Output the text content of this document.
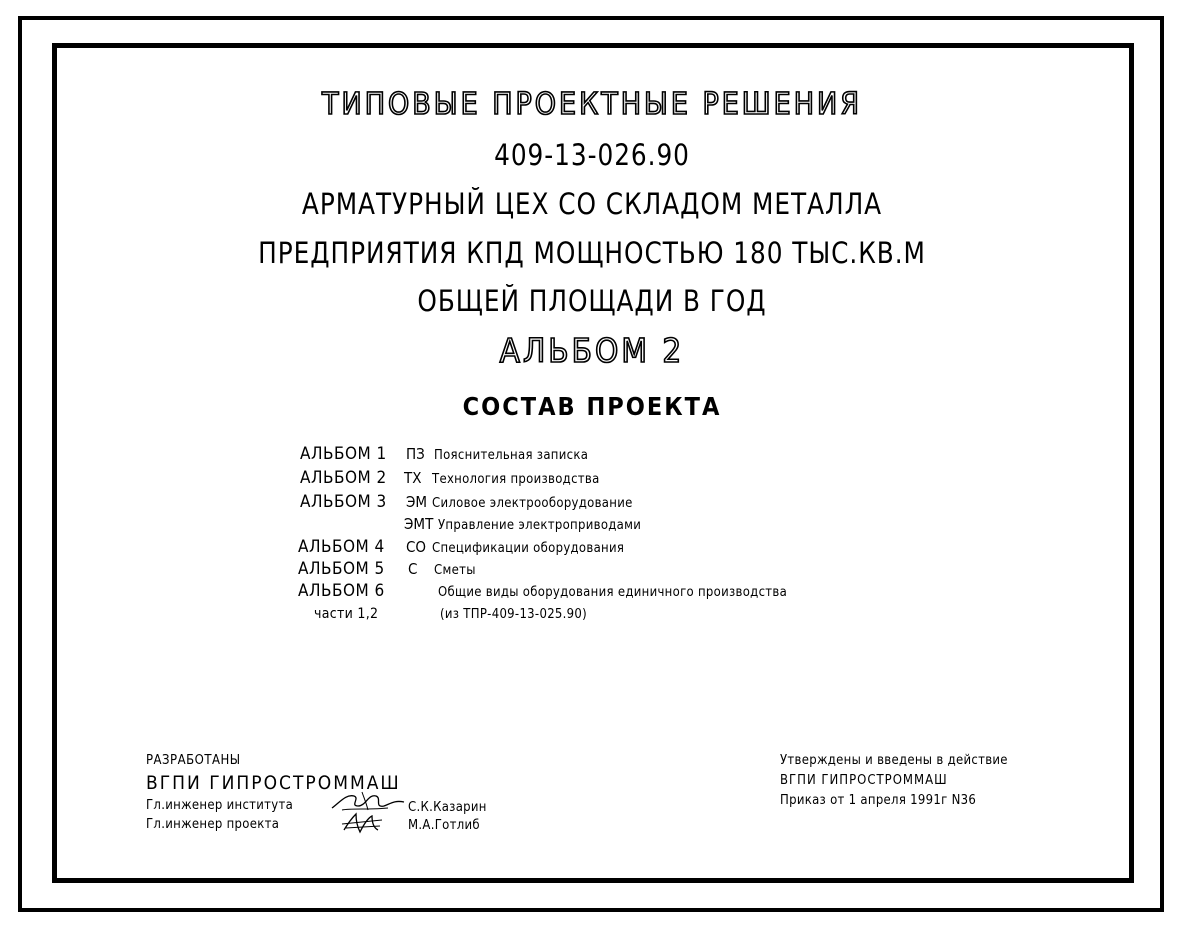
ТИПОВЫЕ ПРОЕКТНЫЕ РЕШЕНИЯ
409-13-026.90
АРМАТУРНЫЙ ЦЕХ СО СКЛАДОМ МЕТАЛЛА
ПРЕДПРИЯТИЯ КПД МОЩНОСТЬЮ 180 ТЫС.КВ.М
ОБЩЕЙ ПЛОЩАДИ В ГОД
АЛЬБОМ 2
СОСТАВ ПРОЕКТА
АЛЬБОМ 1 ПЗ Пояснительная записка
АЛЬБОМ 2 ТХ Технология производства
АЛЬБОМ 3 ЭМ Силовое электрооборудование
ЭМТ Управление электроприводами
АЛЬБОМ 4 СО Спецификации оборудования
АЛЬБОМ 5 С Сметы
АЛЬБОМ 6	Общие виды оборудования единичного производства
части 1,2	(из ТПР-409-13-025.90)
РАЗРАБОТАНЫ
ВГПИ ГИПРОСТРОММАШ
Гл.инженер института	С.К.Казарин
Гл.инженер проекта	М.А.Готлиб
Утверждены и введены в действие
ВГПИ ГИПРОСТРОММАШ
Приказ от 1 апреля 1991г N36
